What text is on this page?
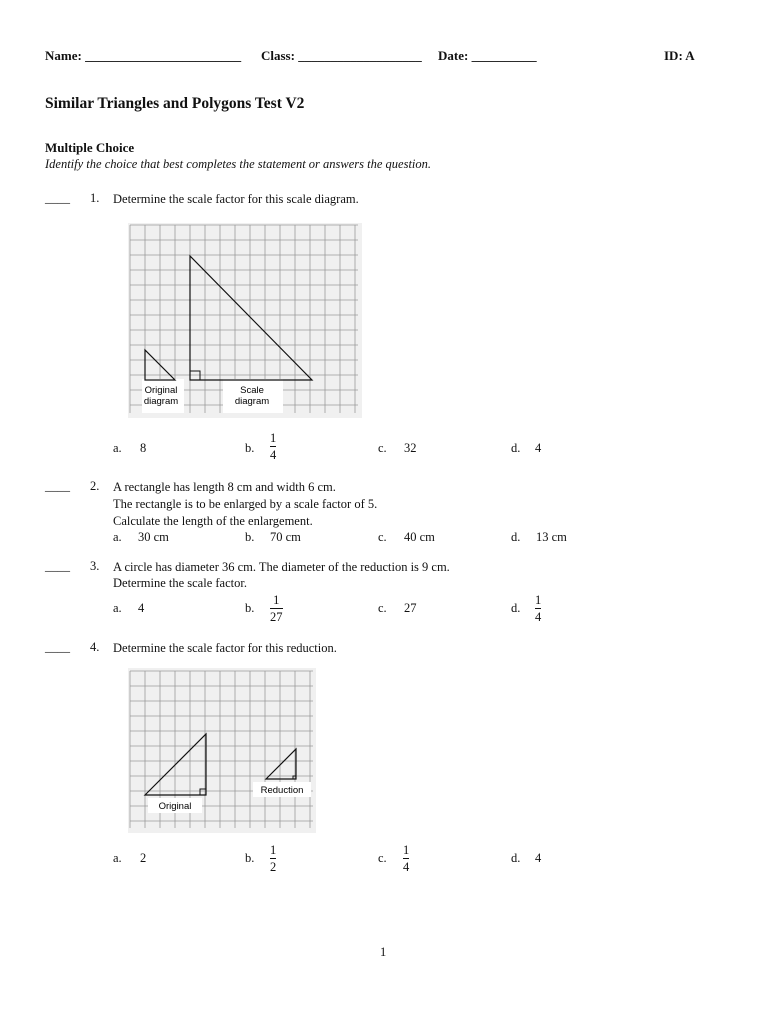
Name: ________________________ Class: ___________________ Date: __________	ID: A
Similar Triangles and Polygons Test V2
Multiple Choice
Identify the choice that best completes the statement or answers the question.
____ 1. Determine the scale factor for this scale diagram.
Original
diagram
Scale
diagram
a. 8	b.
1
4	c. 32	d. 4
____ 2. A rectangle has length 8 cm and width 6 cm.
The rectangle is to be enlarged by a scale factor of 5.
Calculate the length of the enlargement.
a. 30 cm	b. 70 cm	c. 40 cm	d. 13 cm
____ 3. A circle has diameter 36 cm. The diameter of the reduction is 9 cm.
Determine the scale factor.
a. 4	b.
1
27
c. 27	d.
1
4
____ 4. Determine the scale factor for this reduction.
Original
Reduction
a. 2	b.
1
2
c.
1
4
d. 4
1
